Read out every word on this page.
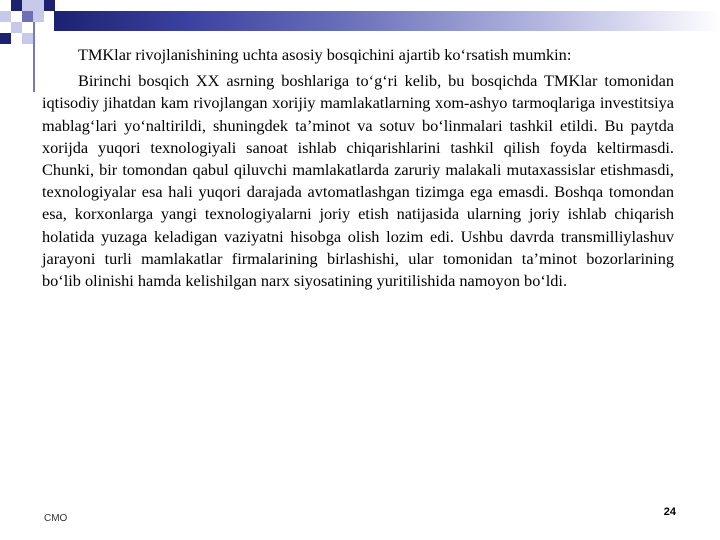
TMKlar rivojlanishining uchta asosiy bosqichini ajartib ko‘rsatish mumkin:

Birinchi bosqich XX asrning boshlariga to‘g‘ri kelib, bu bosqichda TMKlar tomonidan iqtisodiy jihatdan kam rivojlangan xorijiy mamlakatlarning xom-ashyo tarmoqlariga investitsiya mablag‘lari yo‘naltirildi, shuningdek ta’minot va sotuv bo‘linmalari tashkil etildi. Bu paytda xorijda yuqori texnologiyali sanoat ishlab chiqarishlarini tashkil qilish foyda keltirmasdi. Chunki, bir tomondan qabul qiluvchi mamlakatlarda zaruriy malakali mutaxassislar etishmasdi, texnologiyalar esa hali yuqori darajada avtomatlashgan tizimga ega emasdi. Boshqa tomondan esa, korxonlarga yangi texnologiyalarni joriy etish natijasida ularning joriy ishlab chiqarish holatida yuzaga keladigan vaziyatni hisobga olish lozim edi. Ushbu davrda transmilliylashuv jarayoni turli mamlakatlar firmalarining birlashishi, ular tomonidan ta’minot bozorlarining bo‘lib olinishi hamda kelishilgan narx siyosatining yuritilishida namoyon bo‘ldi.

CMO
24
